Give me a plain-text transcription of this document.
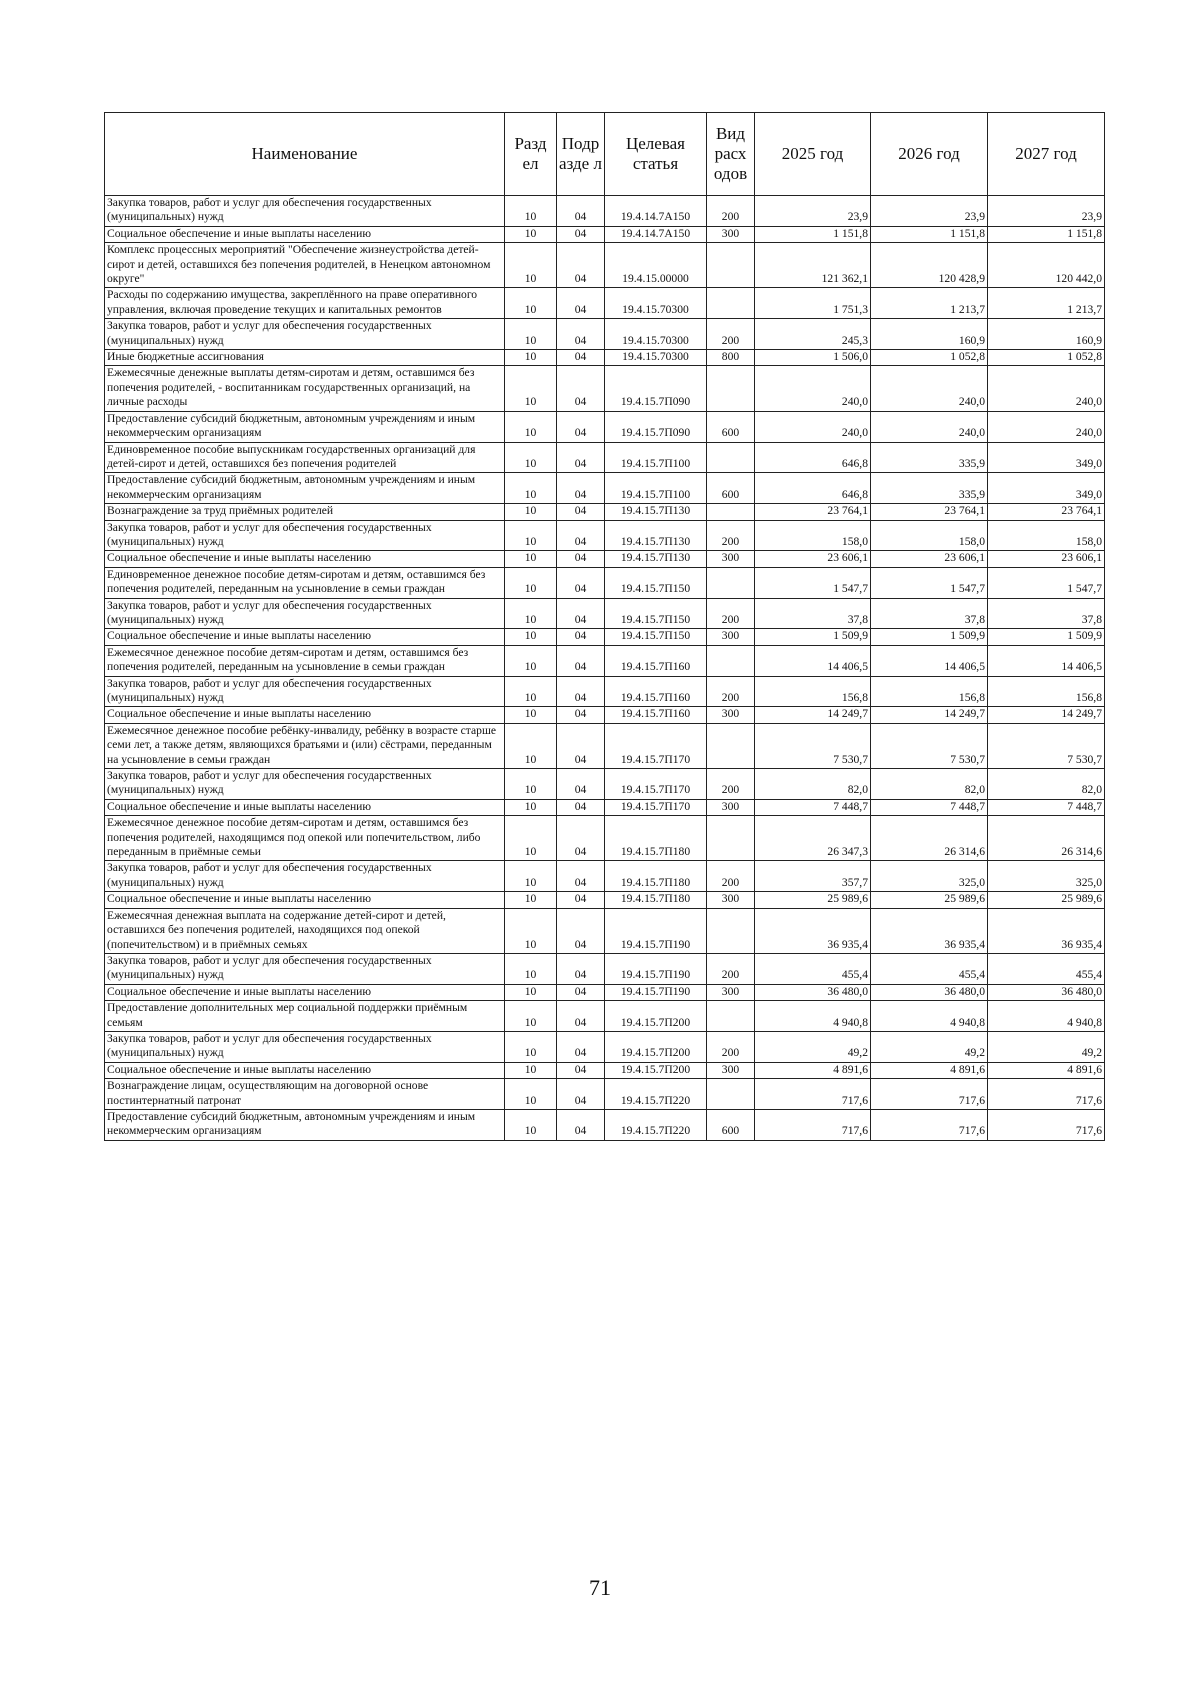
Наименование	Разд ел	Подр азде л	Целевая статья	Вид расх одов	2025 год	2026 год	2027 год
Закупка товаров, работ и услуг для обеспечения государственных (муниципальных) нужд	10	04	19.4.14.7А150	200	23,9	23,9	23,9
Социальное обеспечение и иные выплаты населению	10	04	19.4.14.7А150	300	1 151,8	1 151,8	1 151,8
Комплекс процессных мероприятий "Обеспечение жизнеустройства детей-сирот и детей, оставшихся без попечения родителей, в Ненецком автономном округе"	10	04	19.4.15.00000		121 362,1	120 428,9	120 442,0
Расходы по содержанию имущества, закреплённого на праве оперативного управления, включая проведение текущих и капитальных ремонтов	10	04	19.4.15.70300		1 751,3	1 213,7	1 213,7
Закупка товаров, работ и услуг для обеспечения государственных (муниципальных) нужд	10	04	19.4.15.70300	200	245,3	160,9	160,9
Иные бюджетные ассигнования	10	04	19.4.15.70300	800	1 506,0	1 052,8	1 052,8
Ежемесячные денежные выплаты детям-сиротам и детям, оставшимся без попечения родителей, - воспитанникам государственных организаций, на личные расходы	10	04	19.4.15.7П090		240,0	240,0	240,0
Предоставление субсидий бюджетным, автономным учреждениям и иным некоммерческим организациям	10	04	19.4.15.7П090	600	240,0	240,0	240,0
Единовременное пособие выпускникам государственных организаций для детей-сирот и детей, оставшихся без попечения родителей	10	04	19.4.15.7П100		646,8	335,9	349,0
Предоставление субсидий бюджетным, автономным учреждениям и иным некоммерческим организациям	10	04	19.4.15.7П100	600	646,8	335,9	349,0
Вознаграждение за труд приёмных родителей	10	04	19.4.15.7П130		23 764,1	23 764,1	23 764,1
Закупка товаров, работ и услуг для обеспечения государственных (муниципальных) нужд	10	04	19.4.15.7П130	200	158,0	158,0	158,0
Социальное обеспечение и иные выплаты населению	10	04	19.4.15.7П130	300	23 606,1	23 606,1	23 606,1
Единовременное денежное пособие детям-сиротам и детям, оставшимся без попечения родителей, переданным на усыновление в семьи граждан	10	04	19.4.15.7П150		1 547,7	1 547,7	1 547,7
Закупка товаров, работ и услуг для обеспечения государственных (муниципальных) нужд	10	04	19.4.15.7П150	200	37,8	37,8	37,8
Социальное обеспечение и иные выплаты населению	10	04	19.4.15.7П150	300	1 509,9	1 509,9	1 509,9
Ежемесячное денежное пособие детям-сиротам и детям, оставшимся без попечения родителей, переданным на усыновление в семьи граждан	10	04	19.4.15.7П160		14 406,5	14 406,5	14 406,5
Закупка товаров, работ и услуг для обеспечения государственных (муниципальных) нужд	10	04	19.4.15.7П160	200	156,8	156,8	156,8
Социальное обеспечение и иные выплаты населению	10	04	19.4.15.7П160	300	14 249,7	14 249,7	14 249,7
Ежемесячное денежное пособие ребёнку-инвалиду, ребёнку в возрасте старше семи лет, а также детям, являющихся братьями и (или) сёстрами, переданным на усыновление в семьи граждан	10	04	19.4.15.7П170		7 530,7	7 530,7	7 530,7
Закупка товаров, работ и услуг для обеспечения государственных (муниципальных) нужд	10	04	19.4.15.7П170	200	82,0	82,0	82,0
Социальное обеспечение и иные выплаты населению	10	04	19.4.15.7П170	300	7 448,7	7 448,7	7 448,7
Ежемесячное денежное пособие детям-сиротам и детям, оставшимся без попечения родителей, находящимся под опекой или попечительством, либо переданным в приёмные семьи	10	04	19.4.15.7П180		26 347,3	26 314,6	26 314,6
Закупка товаров, работ и услуг для обеспечения государственных (муниципальных) нужд	10	04	19.4.15.7П180	200	357,7	325,0	325,0
Социальное обеспечение и иные выплаты населению	10	04	19.4.15.7П180	300	25 989,6	25 989,6	25 989,6
Ежемесячная денежная выплата на содержание детей-сирот и детей, оставшихся без попечения родителей, находящихся под опекой (попечительством) и в приёмных семьях	10	04	19.4.15.7П190		36 935,4	36 935,4	36 935,4
Закупка товаров, работ и услуг для обеспечения государственных (муниципальных) нужд	10	04	19.4.15.7П190	200	455,4	455,4	455,4
Социальное обеспечение и иные выплаты населению	10	04	19.4.15.7П190	300	36 480,0	36 480,0	36 480,0
Предоставление дополнительных мер социальной поддержки приёмным семьям	10	04	19.4.15.7П200		4 940,8	4 940,8	4 940,8
Закупка товаров, работ и услуг для обеспечения государственных (муниципальных) нужд	10	04	19.4.15.7П200	200	49,2	49,2	49,2
Социальное обеспечение и иные выплаты населению	10	04	19.4.15.7П200	300	4 891,6	4 891,6	4 891,6
Вознаграждение лицам, осуществляющим на договорной основе постинтернатный патронат	10	04	19.4.15.7П220		717,6	717,6	717,6
Предоставление субсидий бюджетным, автономным учреждениям и иным некоммерческим организациям	10	04	19.4.15.7П220	600	717,6	717,6	717,6
71
